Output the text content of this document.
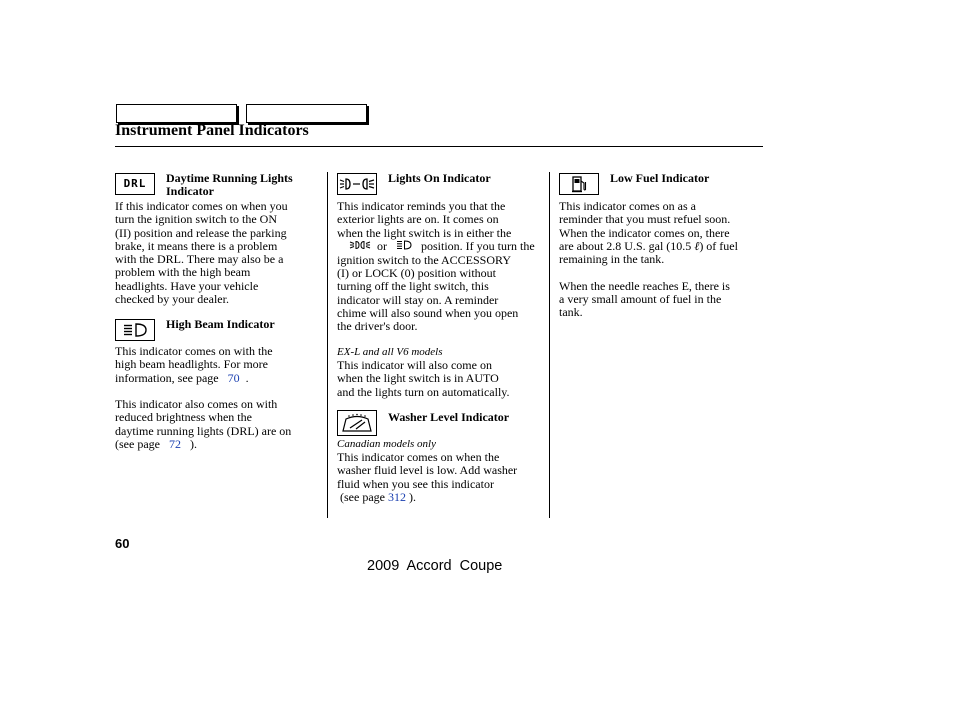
Instrument Panel Indicators
DRL Daytime Running Lights
Indicator
If this indicator comes on when you
turn the ignition switch to the ON
(II) position and release the parking
brake, it means there is a problem
with the DRL. There may also be a
problem with the high beam
headlights. Have your vehicle
checked by your dealer.
High Beam Indicator
This indicator comes on with the
high beam headlights. For more
information, see page 70 .
This indicator also comes on with
reduced brightness when the
daytime running lights (DRL) are on
(see page 72 ).
Lights On Indicator
This indicator reminds you that the
exterior lights are on. It comes on
when the light switch is in either the
or	position. If you turn the
ignition switch to the ACCESSORY
(I) or LOCK (0) position without
turning off the light switch, this
indicator will stay on. A reminder
chime will also sound when you open
the driver's door.
EX-L and all V6 models
This indicator will also come on
when the light switch is in AUTO
and the lights turn on automatically.
Washer Level Indicator
Canadian models only
This indicator comes on when the
washer fluid level is low. Add washer
fluid when you see this indicator
(see page 312 ).
Low Fuel Indicator
This indicator comes on as a
reminder that you must refuel soon.
When the indicator comes on, there
are about 2.8 U.S. gal (10.5 ℓ) of fuel
remaining in the tank.
When the needle reaches E, there is
a very small amount of fuel in the
tank.
60
2009 Accord Coupe
